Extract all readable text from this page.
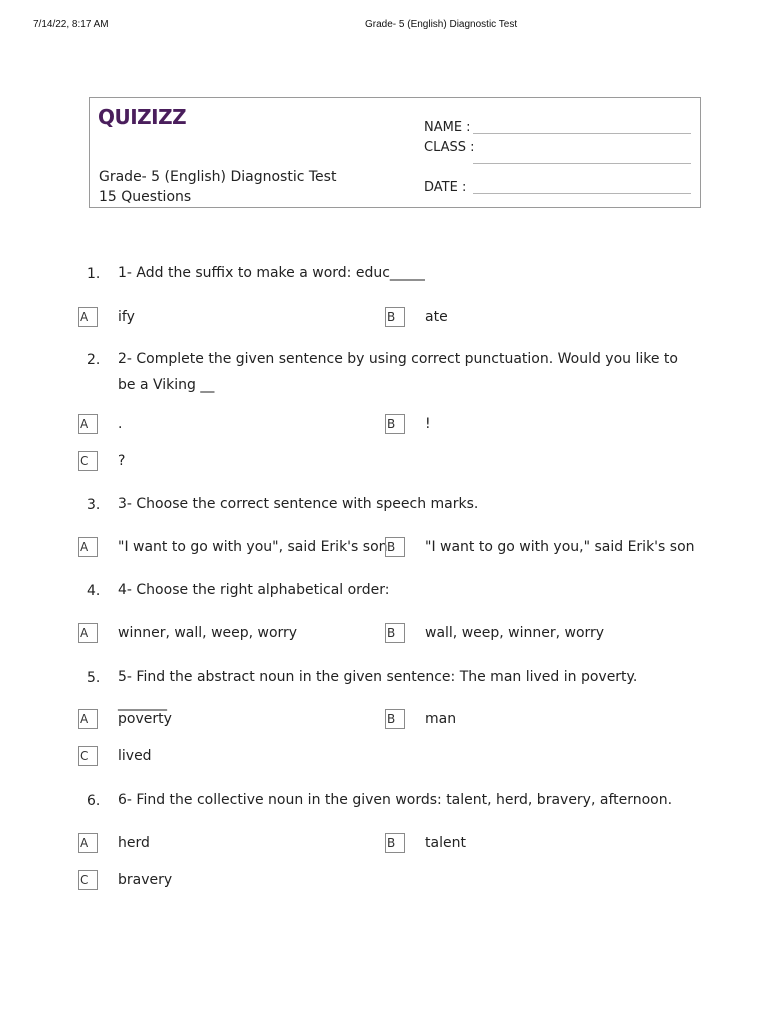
7/14/22, 8:17 AM	Grade- 5 (English) Diagnostic Test
QUIZIZZ
Grade- 5 (English) Diagnostic Test
15 Questions
NAME :
CLASS :
DATE :
1. 1- Add the suffix to make a word: educ_____
A	ify	B	ate
2. 2- Complete the given sentence by using correct punctuation. Would you like to be a Viking __
A	.	B	!
C	?
3. 3- Choose the correct sentence with speech marks.
A	"I want to go with you", said Erik's son B	"I want to go with you," said Erik's son
4. 4- Choose the right alphabetical order:
A	winner, wall, weep, worry	B	wall, weep, winner, worry
5. 5- Find the abstract noun in the given sentence: The man lived in poverty. _______
A	poverty	B	man
C	lived
6. 6- Find the collective noun in the given words: talent, herd, bravery, afternoon.
A	herd	B	talent
C	bravery
